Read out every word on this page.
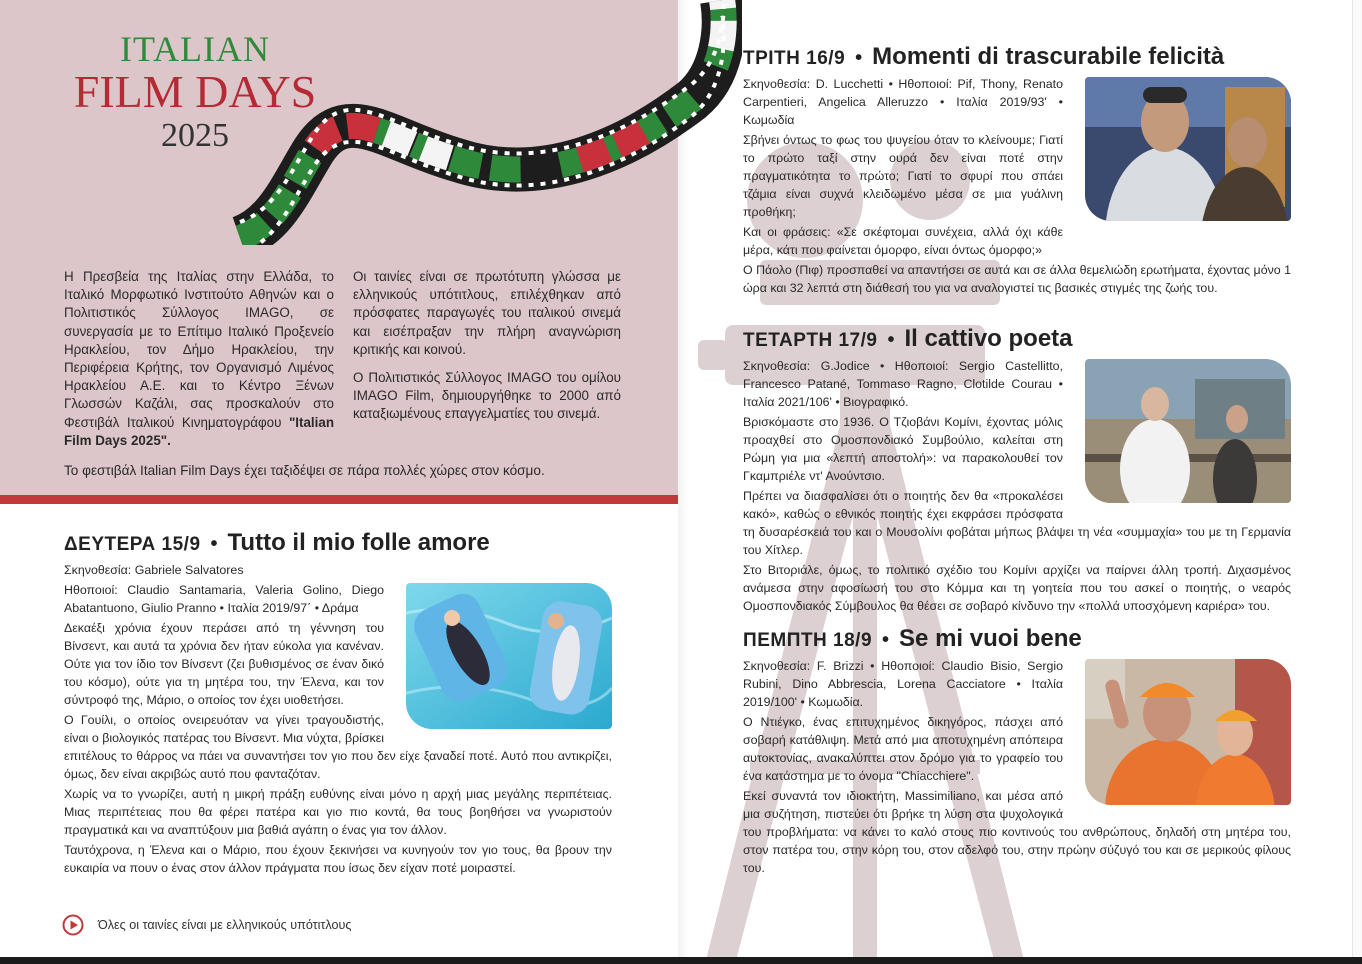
ITALIAN
FILM DAYS
2025

Η Πρεσβεία της Ιταλίας στην Ελλάδα, το Ιταλικό Μορφωτικό Ινστιτούτο Αθηνών και ο Πολιτιστικός Σύλλογος IMAGO, σε συνεργασία με το Επίτιμο Ιταλικό Προξενείο Ηρακλείου, τον Δήμο Ηρακλείου, την Περιφέρεια Κρήτης, τον Οργανισμό Λιμένος Ηρακλείου Α.Ε. και το Κέντρο Ξένων Γλωσσών Καζάλι, σας προσκαλούν στο Φεστιβάλ Ιταλικού Κινηματογράφου "Italian Film Days 2025".

Οι ταινίες είναι σε πρωτότυπη γλώσσα με ελληνικούς υπότιτλους, επιλέχθηκαν από πρόσφατες παραγωγές του ιταλικού σινεμά και εισέπραξαν την πλήρη αναγνώριση κριτικής και κοινού.

Ο Πολιτιστικός Σύλλογος IMAGO του ομίλου IMAGO Film, δημιουργήθηκε το 2000 από καταξιωμένους επαγγελματίες του σινεμά.

Το φεστιβάλ Italian Film Days έχει ταξιδέψει σε πάρα πολλές χώρες στον κόσμο.
ΔΕΥΤΕΡΑ 15/9 • Tutto il mio folle amore

Σκηνοθεσία: Gabriele Salvatores

Ηθοποιοί: Claudio Santamaria, Valeria Golino, Diego Abatantuono, Giulio Pranno • Ιταλία 2019/97΄ • Δράμα

Δεκαέξι χρόνια έχουν περάσει από τη γέννηση του Βίνσεντ, και αυτά τα χρόνια δεν ήταν εύκολα για κανέναν. Ούτε για τον ίδιο τον Βίνσεντ (ζει βυθισμένος σε έναν δικό του κόσμο), ούτε για τη μητέρα του, την Έλενα, και τον σύντροφό της, Μάριο, ο οποίος τον έχει υιοθετήσει.

Ο Γουίλι, ο οποίος ονειρευόταν να γίνει τραγουδιστής, είναι ο βιολογικός πατέρας του Βίνσεντ. Μια νύχτα, βρίσκει επιτέλους το θάρρος να πάει να συναντήσει τον γιο που δεν είχε ξαναδεί ποτέ. Αυτό που αντικρίζει, όμως, δεν είναι ακριβώς αυτό που φανταζόταν.

Χωρίς να το γνωρίζει, αυτή η μικρή πράξη ευθύνης είναι μόνο η αρχή μιας μεγάλης περιπέτειας. Μιας περιπέτειας που θα φέρει πατέρα και γιο πιο κοντά, θα τους βοηθήσει να γνωριστούν πραγματικά και να αναπτύξουν μια βαθιά αγάπη ο ένας για τον άλλον.

Ταυτόχρονα, η Έλενα και ο Μάριο, που έχουν ξεκινήσει να κυνηγούν τον γιο τους, θα βρουν την ευκαιρία να πουν ο ένας στον άλλον πράγματα που ίσως δεν είχαν ποτέ μοιραστεί.

ΤΡΙΤΗ 16/9 • Momenti di trascurabile felicità

Σκηνοθεσία: D. Lucchetti • Ηθοποιοί: Pif, Thony, Renato Carpentieri, Angelica Alleruzzo • Ιταλία 2019/93' • Κωμωδία

Σβήνει όντως το φως του ψυγείου όταν το κλείνουμε; Γιατί το πρώτο ταξί στην ουρά δεν είναι ποτέ στην πραγματικότητα το πρώτο; Γιατί το σφυρί που σπάει τζάμια είναι συχνά κλειδωμένο μέσα σε μια γυάλινη προθήκη;

Και οι φράσεις: «Σε σκέφτομαι συνέχεια, αλλά όχι κάθε μέρα, κάτι που φαίνεται όμορφο, είναι όντως όμορφο;»

Ο Πάολο (Πιφ) προσπαθεί να απαντήσει σε αυτά και σε άλλα θεμελιώδη ερωτήματα, έχοντας μόνο 1 ώρα και 32 λεπτά στη διάθεσή του για να αναλογιστεί τις βασικές στιγμές της ζωής του.

ΤΕΤΑΡΤΗ 17/9 • Il cattivo poeta

Σκηνοθεσία: G.Jodice • Ηθοποιοί: Sergio Castellitto, Francesco Patané, Tommaso Ragno, Clotilde Courau • Ιταλία 2021/106' • Βιογραφικό.

Βρισκόμαστε στο 1936. Ο Τζιοβάνι Κομίνι, έχοντας μόλις προαχθεί στο Ομοσπονδιακό Συμβούλιο, καλείται στη Ρώμη για μια «λεπτή αποστολή»: να παρακολουθεί τον Γκαμπριέλε ντ' Ανούντσιο.

Πρέπει να διασφαλίσει ότι ο ποιητής δεν θα «προκαλέσει κακό», καθώς ο εθνικός ποιητής έχει εκφράσει πρόσφατα τη δυσαρέσκειά του και ο Μουσολίνι φοβάται μήπως βλάψει τη νέα «συμμαχία» του με τη Γερμανία του Χίτλερ.

Στο Βιτοριάλε, όμως, το πολιτικό σχέδιο του Κομίνι αρχίζει να παίρνει άλλη τροπή. Διχασμένος ανάμεσα στην αφοσίωσή του στο Κόμμα και τη γοητεία που του ασκεί ο ποιητής, ο νεαρός Ομοσπονδιακός Σύμβουλος θα θέσει σε σοβαρό κίνδυνο την «πολλά υποσχόμενη καριέρα» του.

ΠΕΜΠΤΗ 18/9 • Se mi vuoi bene

Σκηνοθεσία: F. Brizzi • Ηθοποιοί: Claudio Bisio, Sergio Rubini, Dino Abbrescia, Lorena Cacciatore • Ιταλία 2019/100' • Κωμωδία.

Ο Ντιέγκο, ένας επιτυχημένος δικηγόρος, πάσχει από σοβαρή κατάθλιψη. Μετά από μια αποτυχημένη απόπειρα αυτοκτονίας, ανακαλύπτει στον δρόμο για το γραφείο του ένα κατάστημα με το όνομα "Chiacchiere".

Εκεί συναντά τον ιδιοκτήτη, Massimiliano, και μέσα από μια συζήτηση, πιστεύει ότι βρήκε τη λύση στα ψυχολογικά του προβλήματα: να κάνει το καλό στους πιο κοντινούς του ανθρώπους, δηλαδή στη μητέρα του, στον πατέρα του, στην κόρη του, στον αδελφό του, στην πρώην σύζυγό του και σε μερικούς φίλους του.

Όλες οι ταινίες είναι με ελληνικούς υπότιτλους
